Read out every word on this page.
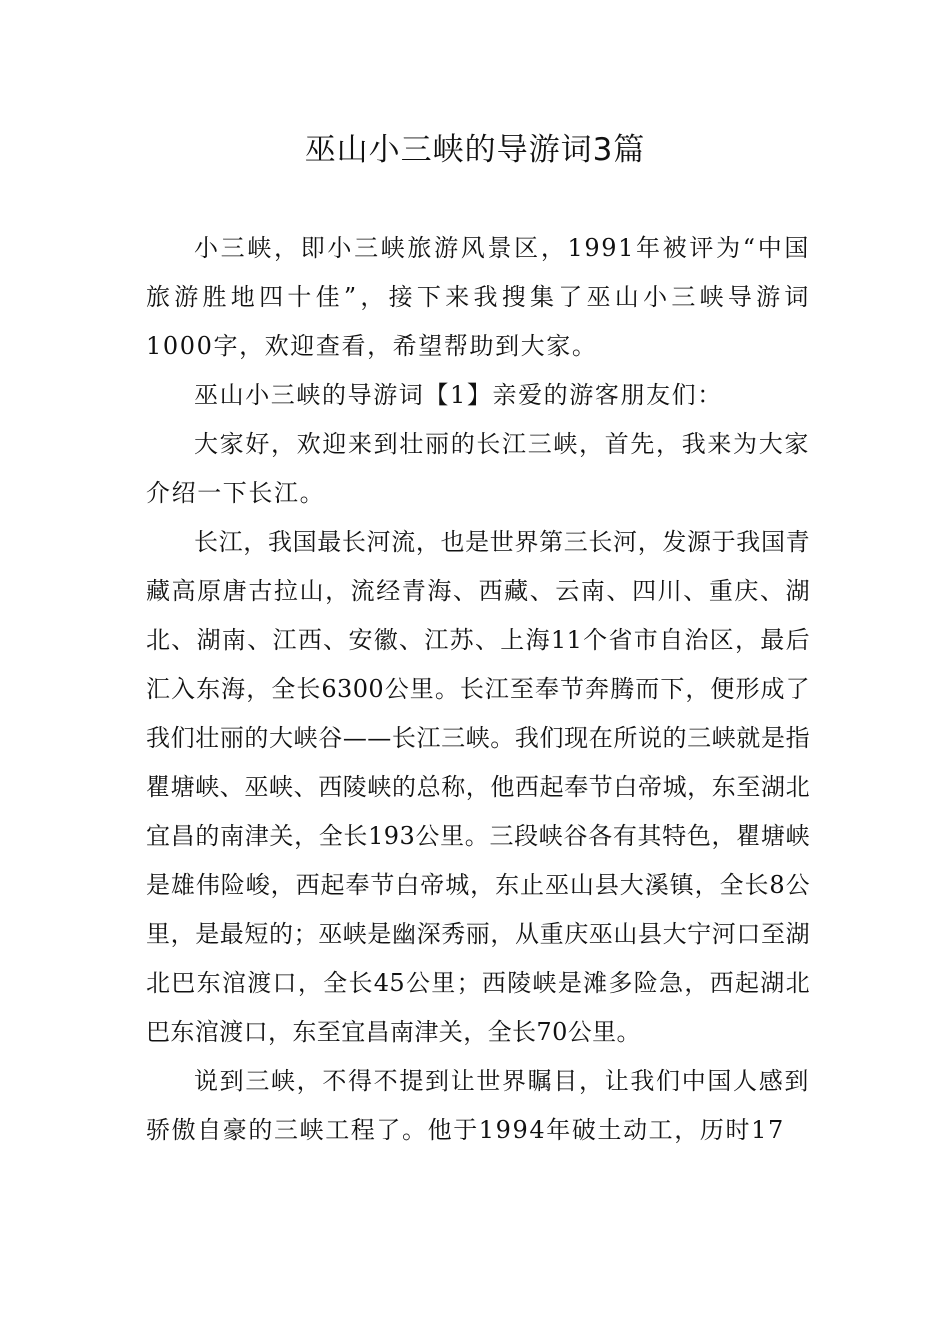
巫山小三峡的导游词3篇

小三峡，即小三峡旅游风景区，1991年被评为“中国旅游胜地四十佳”，接下来我搜集了巫山小三峡导游词1000字，欢迎查看，希望帮助到大家。

巫山小三峡的导游词【1】亲爱的游客朋友们：

大家好，欢迎来到壮丽的长江三峡，首先，我来为大家介绍一下长江。

长江，我国最长河流，也是世界第三长河，发源于我国青藏高原唐古拉山，流经青海、西藏、云南、四川、重庆、湖北、湖南、江西、安徽、江苏、上海11个省市自治区，最后汇入东海，全长6300公里。长江至奉节奔腾而下，便形成了我们壮丽的大峡谷——长江三峡。我们现在所说的三峡就是指瞿塘峡、巫峡、西陵峡的总称，他西起奉节白帝城，东至湖北宜昌的南津关，全长193公里。三段峡谷各有其特色，瞿塘峡是雄伟险峻，西起奉节白帝城，东止巫山县大溪镇，全长8公里，是最短的；巫峡是幽深秀丽，从重庆巫山县大宁河口至湖北巴东涫渡口，全长45公里；西陵峡是滩多险急，西起湖北巴东涫渡口，东至宜昌南津关，全长70公里。

说到三峡，不得不提到让世界瞩目，让我们中国人感到骄傲自豪的三峡工程了。他于1994年破土动工，历时17
